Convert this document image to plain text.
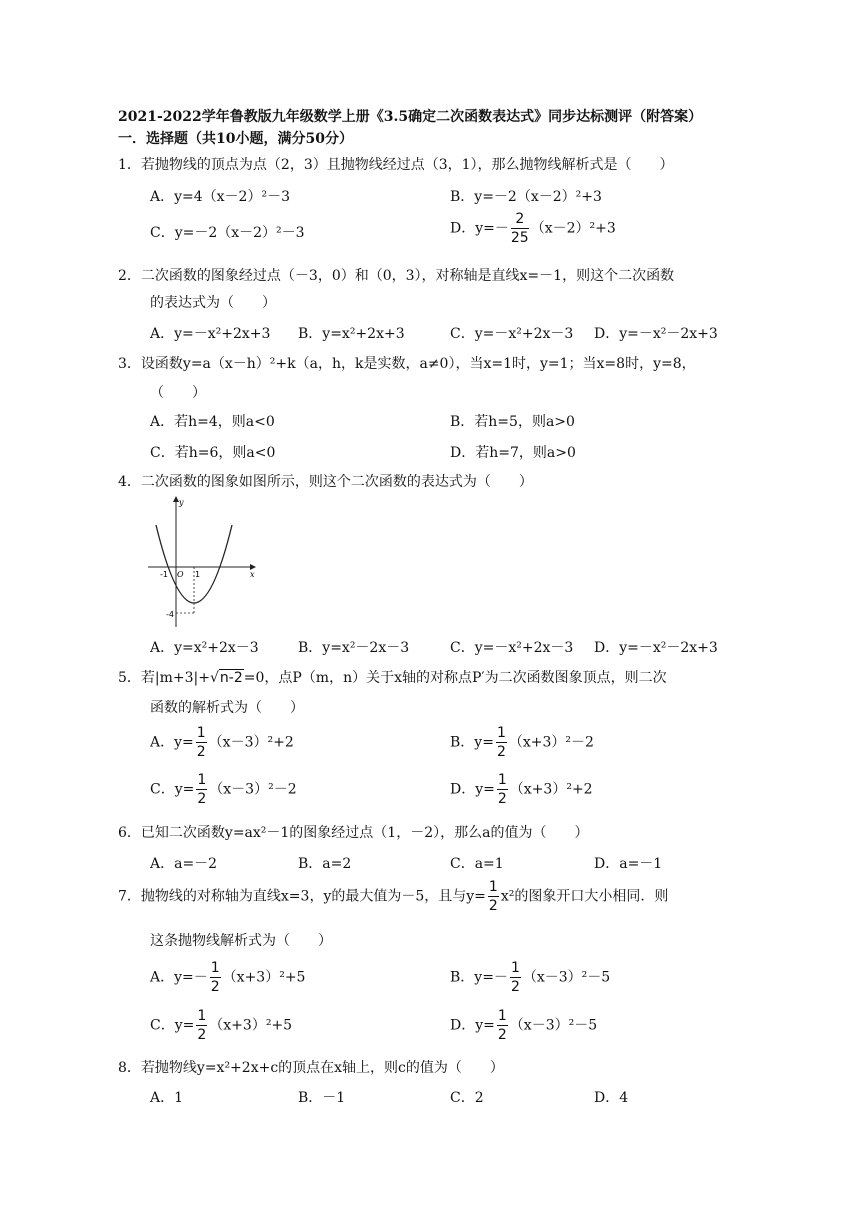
2021-2022学年鲁教版九年级数学上册《3.5确定二次函数表达式》同步达标测评（附答案）
一．选择题（共10小题，满分50分）
1．若抛物线的顶点为点（2，3）且抛物线经过点（3，1），那么抛物线解析式是（　　）
A．y=4（x－2）²－3	B．y=－2（x－2）²+3
C．y=－2（x－2）²－3	D．$y=- \frac{2}{25} (x-2)^2+3$
2．二次函数的图象经过点（－3，0）和（0，3），对称轴是直线x=－1，则这个二次函数
的表达式为（　　）
A．y=－x²+2x+3 B．y=x²+2x+3	C．y=－x²+2x－3 D．y=－x²－2x+3
3．设函数y=a（x－h）²+k（a，h，k是实数，a≠0），当x=1时，y=1；当x=8时，y=8，
（　　）
A．若h=4，则a<0	B．若h=5，则a>0
C．若h=6，则a<0	D．若h=7，则a>0
4．二次函数的图象如图所示，则这个二次函数的表达式为（　　）
y
x
O
-1	1
-4
A．y=x²+2x－3	B．y=x²－2x－3	C．y=－x²+2x－3 D．y=－x²－2x+3
5．若|m+3|+√n-2=0，点P（m，n）关于x轴的对称点P′为二次函数图象顶点，则二次
函数的解析式为（　　）
A．$y= \frac{1}{2} (x-3)^2+2$	B．$y= \frac{1}{2} (x+3)^2-2$
C．$y= \frac{1}{2} (x-3)^2-2$	D．$y= \frac{1}{2} (x+3)^2+2$
6．已知二次函数y=ax²－1的图象经过点（1，－2），那么a的值为（　　）
A．a=－2	B．a=2	C．a=1	D．a=－1
7．抛物线的对称轴为直线x=3，y的最大值为－5，且与$y= \frac{1}{2} x^2$的图象开口大小相同．则
这条抛物线解析式为（　　）
A．$y=- \frac{1}{2} (x+3)^2+5$	B．$y=- \frac{1}{2} (x-3)^2-5$
C．$y= \frac{1}{2} (x+3)^2+5$	D．$y= \frac{1}{2} (x-3)^2-5$
8．若抛物线y=x²+2x+c的顶点在x轴上，则c的值为（　　）
A．1	B．－1	C．2	D．4
